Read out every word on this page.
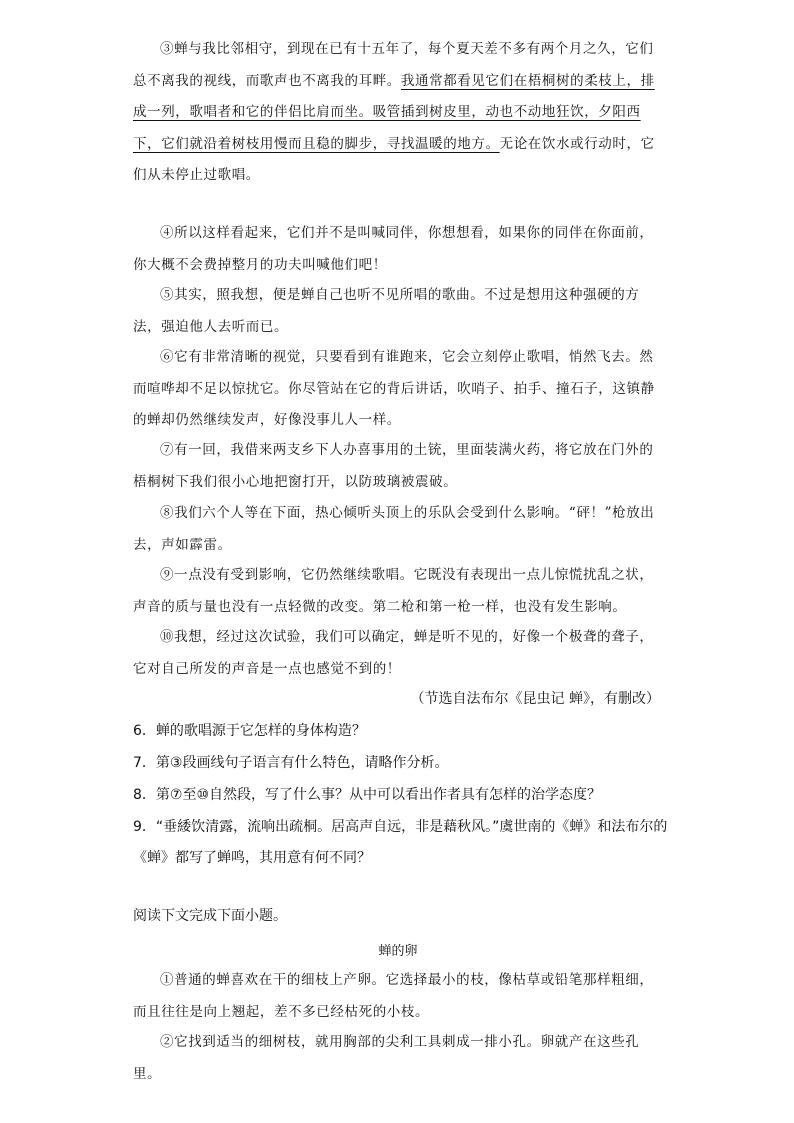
③蝉与我比邻相守，到现在已有十五年了，每个夏天差不多有两个月之久，它们总不离我的视线，而歌声也不离我的耳畔。我通常都看见它们在梧桐树的柔枝上，排成一列，歌唱者和它的伴侣比肩而坐。吸管插到树皮里，动也不动地狂饮，夕阳西下，它们就沿着树枝用慢而且稳的脚步，寻找温暖的地方。无论在饮水或行动时，它们从未停止过歌唱。

④所以这样看起来，它们并不是叫喊同伴，你想想看，如果你的同伴在你面前，你大概不会费掉整月的功夫叫喊他们吧！

⑤其实，照我想，便是蝉自己也听不见所唱的歌曲。不过是想用这种强硬的方法，强迫他人去听而已。

⑥它有非常清晰的视觉，只要看到有谁跑来，它会立刻停止歌唱，悄然飞去。然而喧哗却不足以惊扰它。你尽管站在它的背后讲话，吹哨子、拍手、撞石子，这镇静的蝉却仍然继续发声，好像没事儿人一样。

⑦有一回，我借来两支乡下人办喜事用的土铳，里面装满火药，将它放在门外的梧桐树下我们很小心地把窗打开，以防玻璃被震破。

⑧我们六个人等在下面，热心倾听头顶上的乐队会受到什么影响。“砰！”枪放出去，声如霹雷。

⑨一点没有受到影响，它仍然继续歌唱。它既没有表现出一点儿惊慌扰乱之状，声音的质与量也没有一点轻微的改变。第二枪和第一枪一样，也没有发生影响。

⑩我想，经过这次试验，我们可以确定，蝉是听不见的，好像一个极聋的聋子，它对自己所发的声音是一点也感觉不到的！

（节选自法布尔《昆虫记 蝉》，有删改）

6．蝉的歌唱源于它怎样的身体构造？

7．第③段画线句子语言有什么特色，请略作分析。

8．第⑦至⑩自然段，写了什么事？从中可以看出作者具有怎样的治学态度？

9．“垂緌饮清露，流响出疏桐。居高声自远，非是藉秋风。”虞世南的《蝉》和法布尔的《蝉》都写了蝉鸣，其用意有何不同？

阅读下文完成下面小题。
蝉的卵

①普通的蝉喜欢在干的细枝上产卵。它选择最小的枝，像枯草或铅笔那样粗细，而且往往是向上翘起，差不多已经枯死的小枝。

②它找到适当的细树枝，就用胸部的尖利工具刺成一排小孔。卵就产在这些孔里。
